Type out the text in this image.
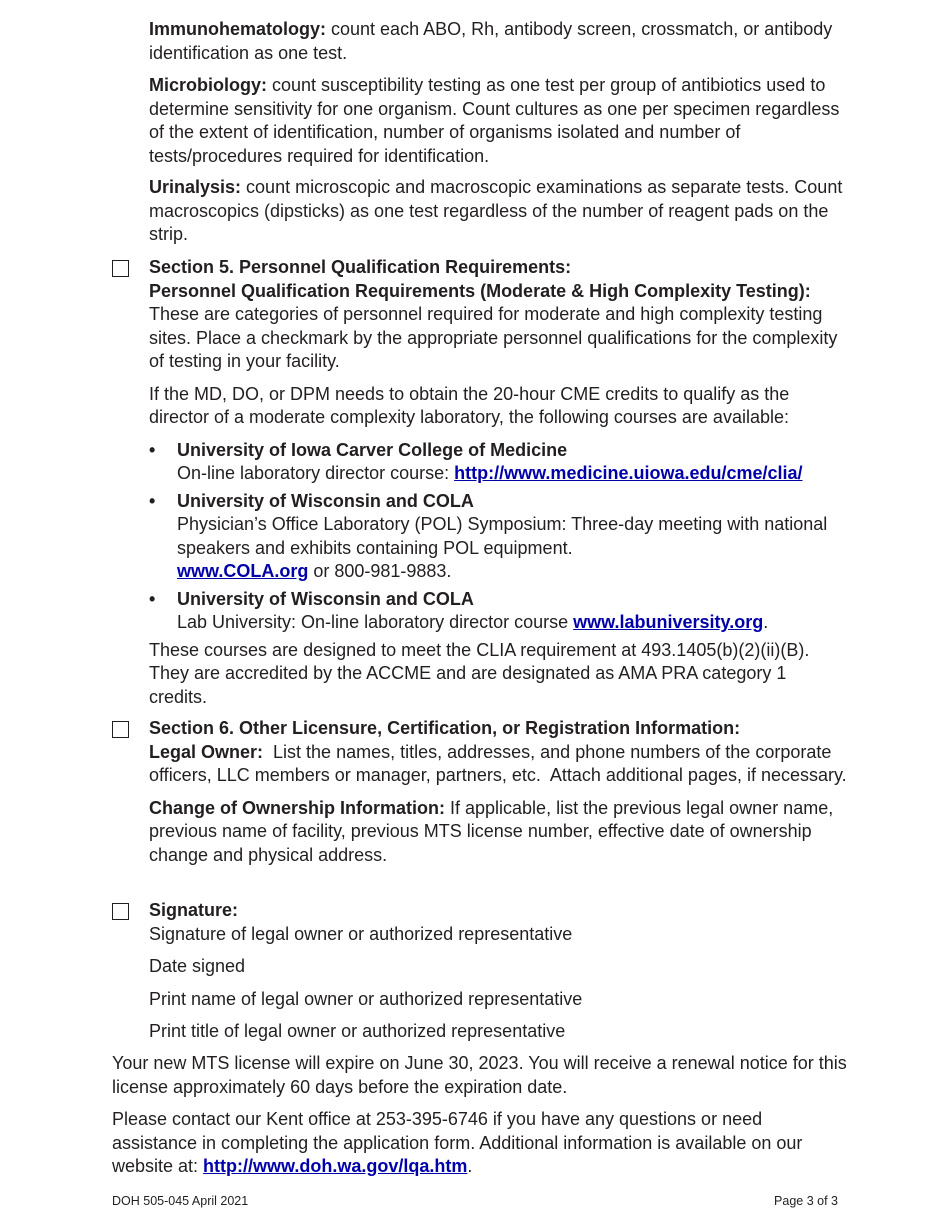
Immunohematology: count each ABO, Rh, antibody screen, crossmatch, or antibody identification as one test.

Microbiology: count susceptibility testing as one test per group of antibiotics used to determine sensitivity for one organism. Count cultures as one per specimen regardless of the extent of identification, number of organisms isolated and number of tests/procedures required for identification.

Urinalysis: count microscopic and macroscopic examinations as separate tests. Count macroscopics (dipsticks) as one test regardless of the number of reagent pads on the strip.

Section 5. Personnel Qualification Requirements:

Personnel Qualification Requirements (Moderate & High Complexity Testing):

These are categories of personnel required for moderate and high complexity testing sites. Place a checkmark by the appropriate personnel qualifications for the complexity of testing in your facility.

If the MD, DO, or DPM needs to obtain the 20-hour CME credits to qualify as the director of a moderate complexity laboratory, the following courses are available:

• University of Iowa Carver College of Medicine

On-line laboratory director course: http://www.medicine.uiowa.edu/cme/clia/

• University of Wisconsin and COLA

Physician’s Office Laboratory (POL) Symposium: Three-day meeting with national speakers and exhibits containing POL equipment.

www.COLA.org or 800-981-9883.

• University of Wisconsin and COLA

Lab University: On-line laboratory director course www.labuniversity.org.

These courses are designed to meet the CLIA requirement at 493.1405(b)(2)(ii)(B). They are accredited by the ACCME and are designated as AMA PRA category 1 credits.

Section 6. Other Licensure, Certification, or Registration Information:

Legal Owner:  List the names, titles, addresses, and phone numbers of the corporate officers, LLC members or manager, partners, etc.  Attach additional pages, if necessary.

Change of Ownership Information: If applicable, list the previous legal owner name, previous name of facility, previous MTS license number, effective date of ownership change and physical address.

Signature:

Signature of legal owner or authorized representative

Date signed

Print name of legal owner or authorized representative

Print title of legal owner or authorized representative

Your new MTS license will expire on June 30, 2023. You will receive a renewal notice for this license approximately 60 days before the expiration date.

Please contact our Kent office at 253-395-6746 if you have any questions or need assistance in completing the application form. Additional information is available on our website at: http://www.doh.wa.gov/lqa.htm.

DOH 505-045 April 2021	Page 3 of 3
